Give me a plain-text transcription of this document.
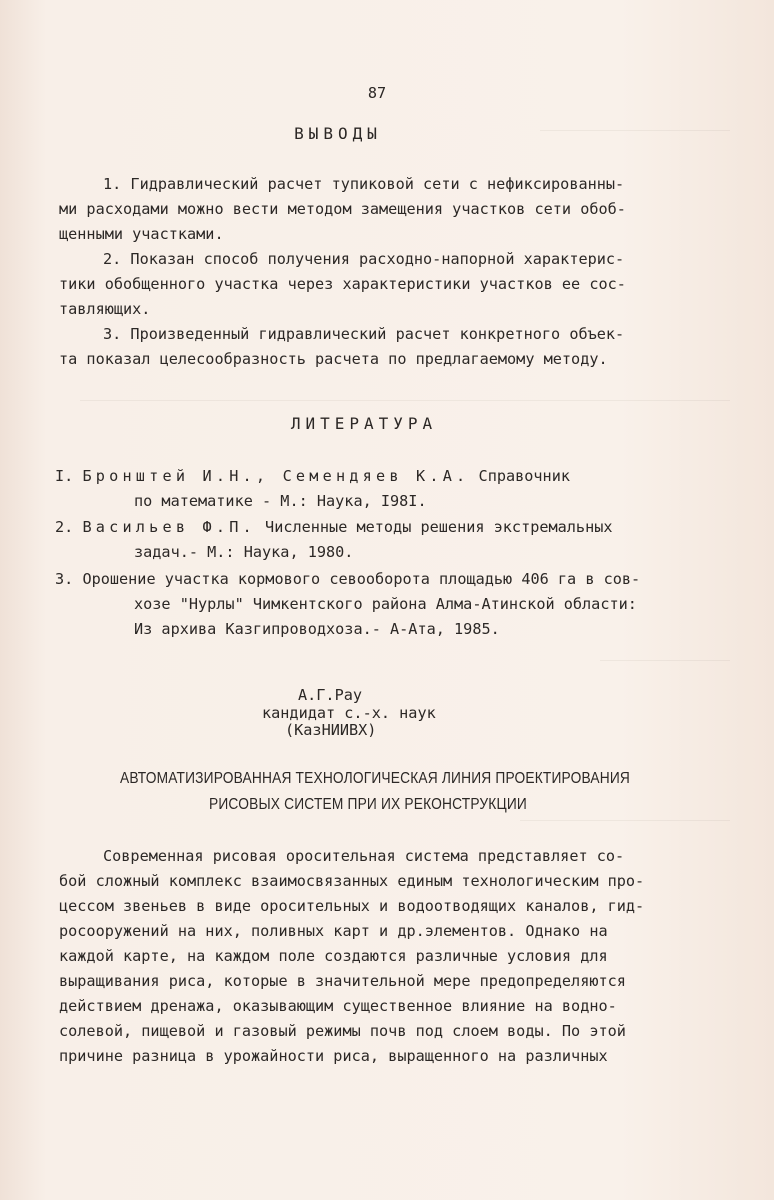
87
ВЫВОДЫ
1. Гидравлический расчет тупиковой сети с нефиксированны-
ми расходами можно вести методом замещения участков сети обоб-
щенными участками.
2. Показан способ получения расходно-напорной характерис-
тики обобщенного участка через характеристики участков ее сос-
тавляющих.
3. Произведенный гидравлический расчет конкретного объек-
та показал целесообразность расчета по предлагаемому методу.
ЛИТЕРАТУРА
I. Бронштей И.Н., Семендяев К.А. Справочник
по математике - М.: Наука, I98I.
2. Васильев Ф.П. Численные методы решения экстремальных
задач.- М.: Наука, 1980.
3. Орошение участка кормового севооборота площадью 406 га в сов-
хозе "Нурлы" Чимкентского района Алма-Атинской области:
Из архива Казгипроводхоза.- А-Ата, 1985.
А.Г.Рау
кандидат с.-х. наук
(КазНИИВХ)
АВТОМАТИЗИРОВАННАЯ ТЕХНОЛОГИЧЕСКАЯ ЛИНИЯ ПРОЕКТИРОВАНИЯ
РИСОВЫХ СИСТЕМ ПРИ ИХ РЕКОНСТРУКЦИИ
Современная рисовая оросительная система представляет со-
бой сложный комплекс взаимосвязанных единым технологическим про-
цессом звеньев в виде оросительных и водоотводящих каналов, гид-
росооружений на них, поливных карт и др.элементов. Однако на
каждой карте, на каждом поле создаются различные условия для
выращивания риса, которые в значительной мере предопределяются
действием дренажа, оказывающим существенное влияние на водно-
солевой, пищевой и газовый режимы почв под слоем воды. По этой
причине разница в урожайности риса, выращенного на различных
